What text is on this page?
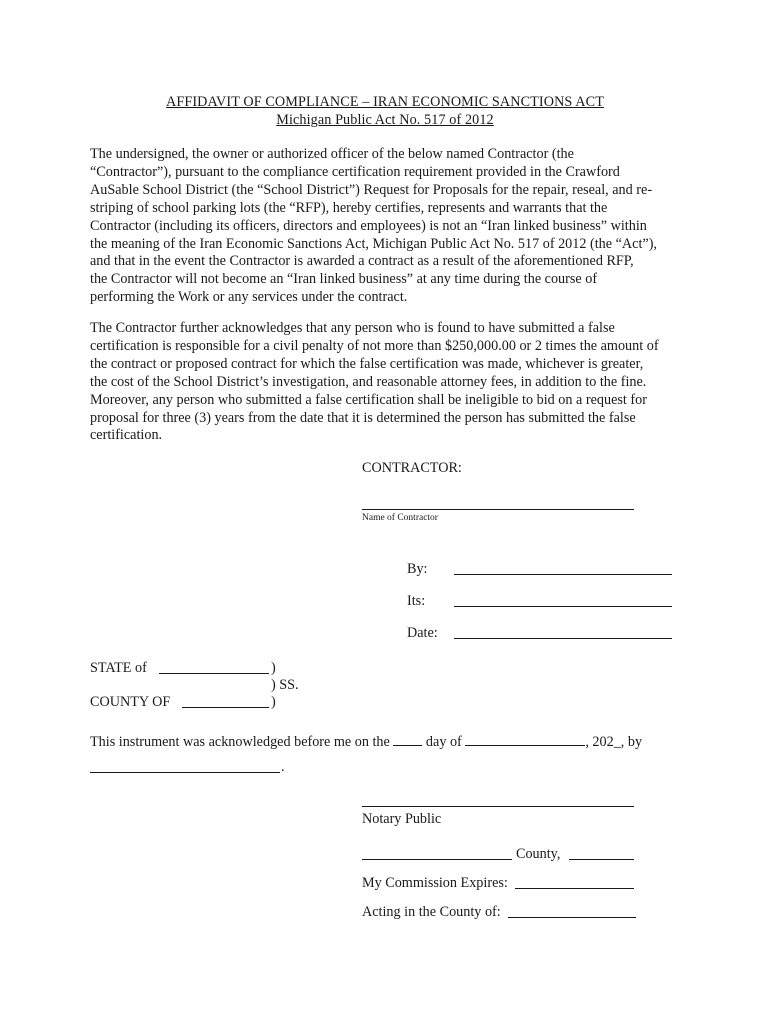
AFFIDAVIT OF COMPLIANCE – IRAN ECONOMIC SANCTIONS ACT
Michigan Public Act No. 517 of 2012

The undersigned, the owner or authorized officer of the below named Contractor (the

“Contractor”), pursuant to the compliance certification requirement provided in the Crawford

AuSable School District (the “School District”) Request for Proposals for the repair, reseal, and re-

striping of school parking lots (the “RFP), hereby certifies, represents and warrants that the

Contractor (including its officers, directors and employees) is not an “Iran linked business” within

the meaning of the Iran Economic Sanctions Act, Michigan Public Act No. 517 of 2012 (the “Act”),

and that in the event the Contractor is awarded a contract as a result of the aforementioned RFP,

the Contractor will not become an “Iran linked business” at any time during the course of

performing the Work or any services under the contract.

The Contractor further acknowledges that any person who is found to have submitted a false

certification is responsible for a civil penalty of not more than $250,000.00 or 2 times the amount of

the contract or proposed contract for which the false certification was made, whichever is greater,

the cost of the School District’s investigation, and reasonable attorney fees, in addition to the fine.

Moreover, any person who submitted a false certification shall be ineligible to bid on a request for

proposal for three (3) years from the date that it is determined the person has submitted the false

certification.

CONTRACTOR:
Name of Contractor
By:
Its:
Date:
STATE of	)
) SS.
COUNTY OF	)
This instrument was acknowledged before me on the	day of	, 202_, by
.
Notary Public
County,
My Commission Expires:
Acting in the County of:
